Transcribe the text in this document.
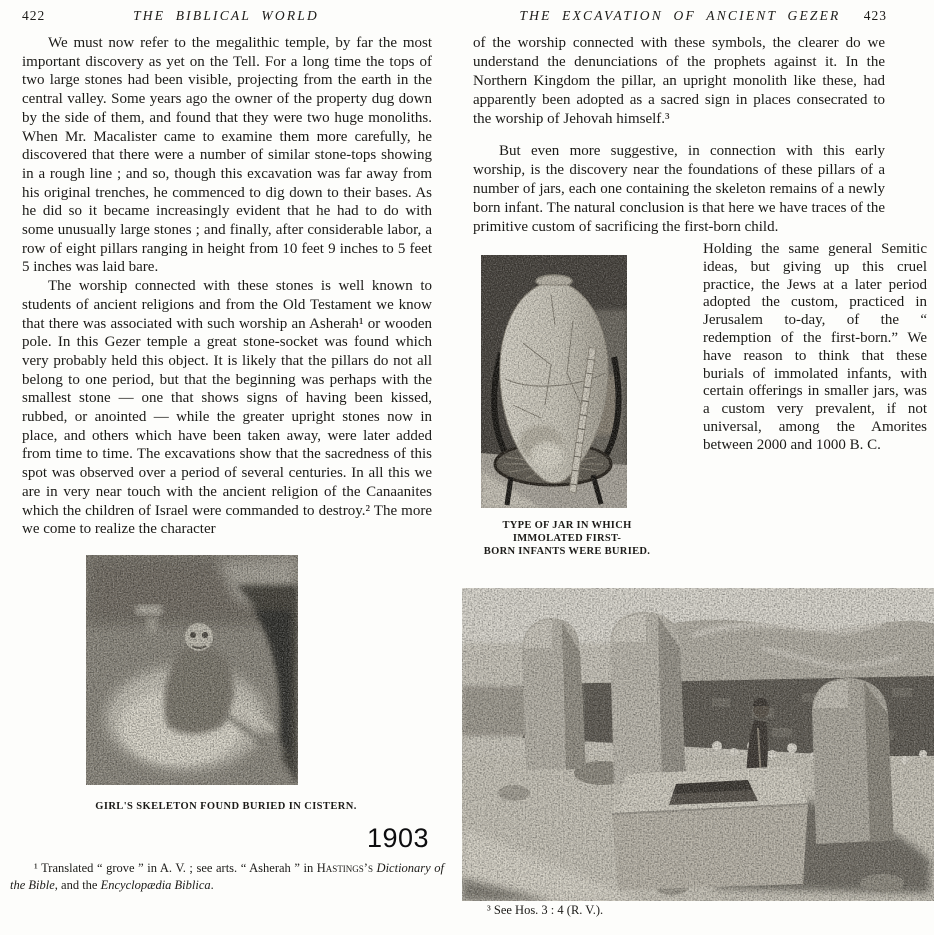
422	THE BIBLICAL WORLD

We must now refer to the megalithic temple, by far the most important discovery as yet on the Tell. For a long time the tops of two large stones had been visible, projecting from the earth in the central valley. Some years ago the owner of the property dug down by the side of them, and found that they were two huge monoliths. When Mr. Macalister came to examine them more carefully, he discovered that there were a number of similar stone-tops showing in a rough line ; and so, though this excavation was far away from his original trenches, he commenced to dig down to their bases. As he did so it became increasingly evident that he had to do with some unusually large stones ; and finally, after considerable labor, a row of eight pillars ranging in height from 10 feet 9 inches to 5 feet 5 inches was laid bare.

The worship connected with these stones is well known to students of ancient religions and from the Old Testament we know that there was associated with such worship an Asherah¹ or wooden pole. In this Gezer temple a great stone-socket was found which very probably held this object. It is likely that the pillars do not all belong to one period, but that the beginning was perhaps with the smallest stone — one that shows signs of having been kissed, rubbed, or anointed — while the greater upright stones now in place, and others which have been taken away, were later added from time to time. The excavations show that the sacredness of this spot was observed over a period of several centuries. In all this we are in very near touch with the ancient religion of the Canaanites which the children of Israel were commanded to destroy.² The more we come to realize the character

GIRL'S SKELETON FOUND BURIED IN CISTERN.
1903
¹ Translated “ grove ” in A. V. ; see arts. “ Asherah ” in Hastings’s Dictionary of the Bible, and the Encyclopædia Biblica.
THE EXCAVATION OF ANCIENT GEZER	423

of the worship connected with these symbols, the clearer do we understand the denunciations of the prophets against it. In the Northern Kingdom the pillar, an upright monolith like these, had apparently been adopted as a sacred sign in places consecrated to the worship of Jehovah himself.³

But even more suggestive, in connection with this early worship, is the discovery near the foundations of these pillars of a number of jars, each one containing the skeleton remains of a newly born infant. The natural conclusion is that here we have traces of the primitive custom of sacrificing the first-born child.

TYPE OF JAR IN WHICH IMMOLATED FIRST-
BORN INFANTS WERE BURIED.

Holding the same general Semitic ideas, but giving up this cruel practice, the Jews at a later period adopted the custom, practiced in Jerusalem to-day, of the “ redemption of the first-born.” We have reason to think that these burials of immolated infants, with certain offerings in smaller jars, was a custom very prevalent, if not universal, among the Amorites between 2000 and 1000 B. C.

³ See Hos. 3 : 4 (R. V.).
